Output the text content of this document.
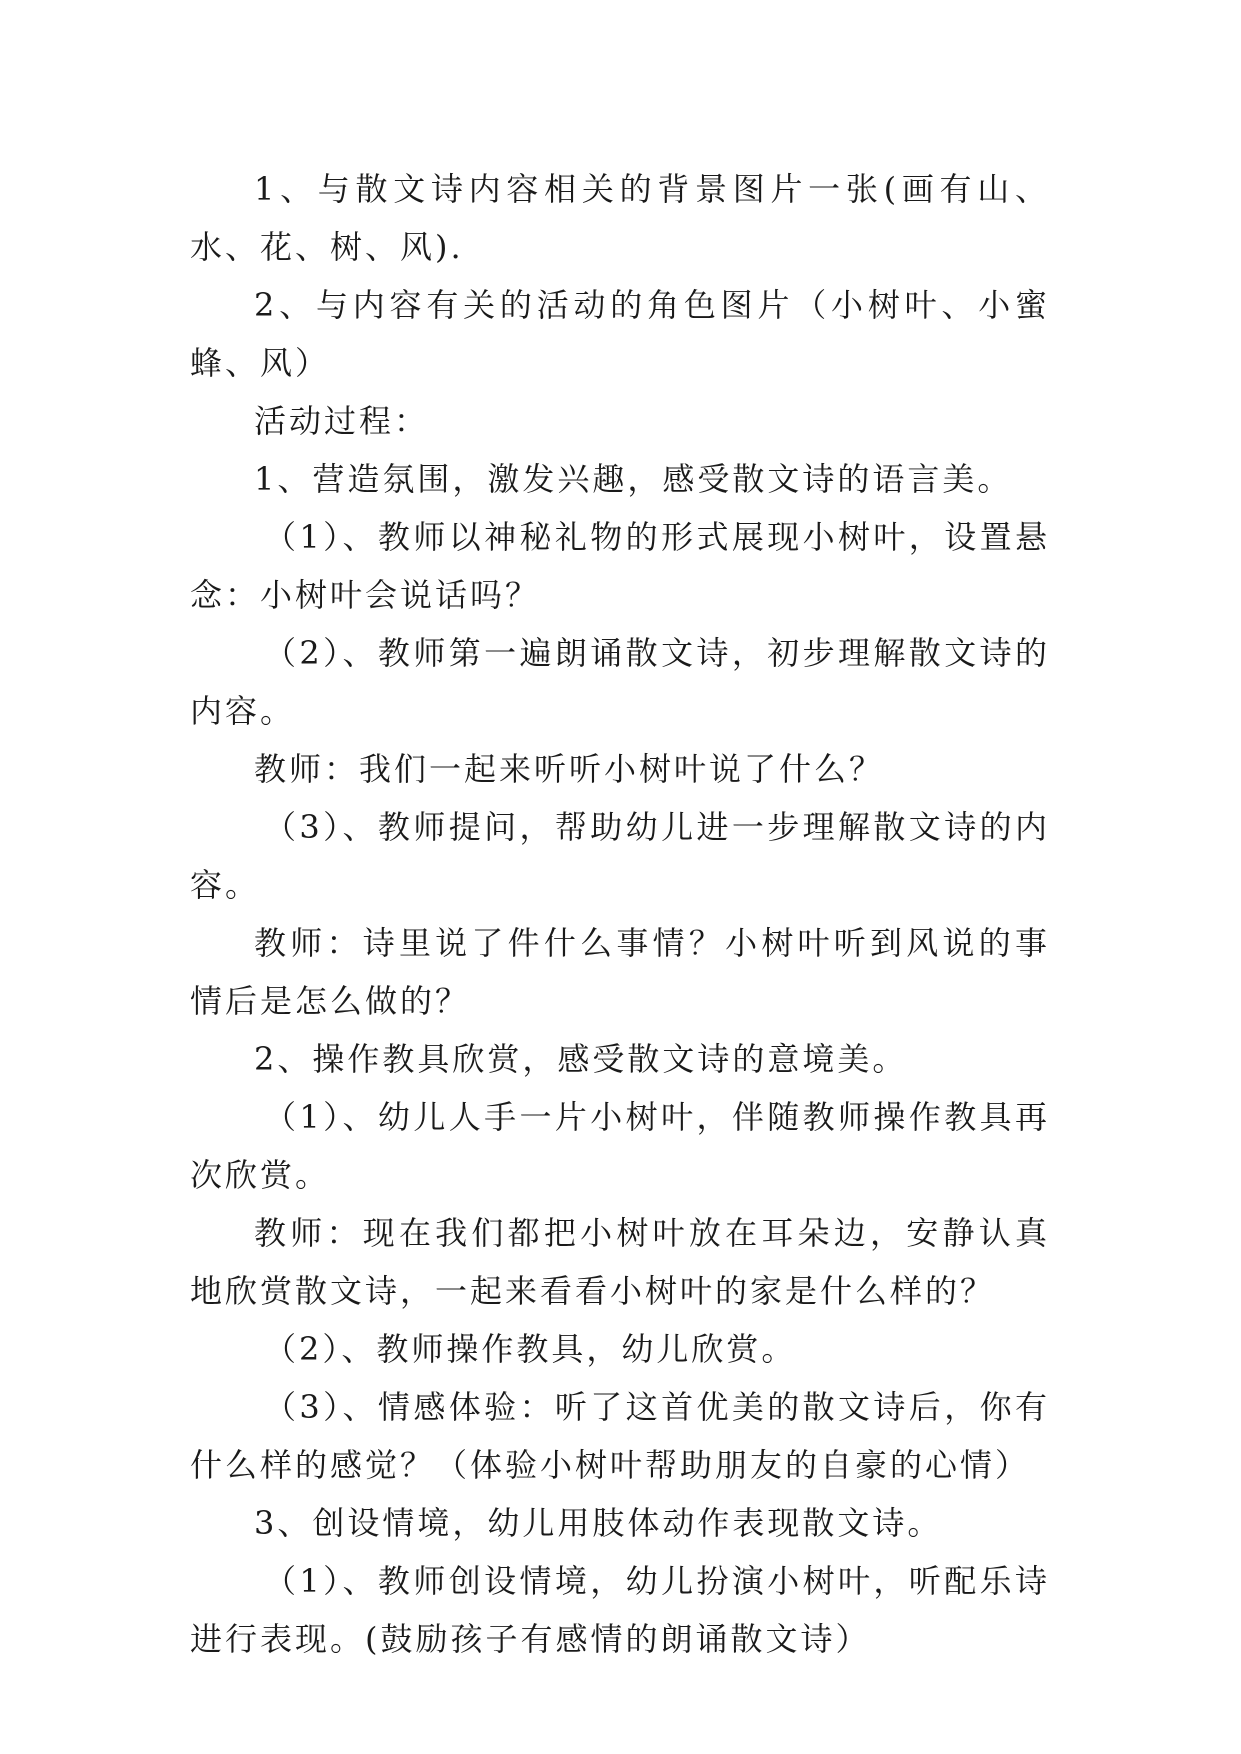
1、与散文诗内容相关的背景图片一张(画有山、水、花、树、风).

2、与内容有关的活动的角色图片（小树叶、小蜜蜂、风）

活动过程：

1、营造氛围，激发兴趣，感受散文诗的语言美。

（1）、教师以神秘礼物的形式展现小树叶，设置悬念：小树叶会说话吗？

（2）、教师第一遍朗诵散文诗，初步理解散文诗的内容。

教师：我们一起来听听小树叶说了什么？

（3）、教师提问，帮助幼儿进一步理解散文诗的内容。

教师：诗里说了件什么事情？小树叶听到风说的事情后是怎么做的？

2、操作教具欣赏，感受散文诗的意境美。

（1）、幼儿人手一片小树叶，伴随教师操作教具再次欣赏。

教师：现在我们都把小树叶放在耳朵边，安静认真地欣赏散文诗，一起来看看小树叶的家是什么样的？

（2）、教师操作教具，幼儿欣赏。

（3）、情感体验：听了这首优美的散文诗后，你有什么样的感觉？（体验小树叶帮助朋友的自豪的心情）

3、创设情境，幼儿用肢体动作表现散文诗。

（1）、教师创设情境，幼儿扮演小树叶，听配乐诗进行表现。(鼓励孩子有感情的朗诵散文诗）
